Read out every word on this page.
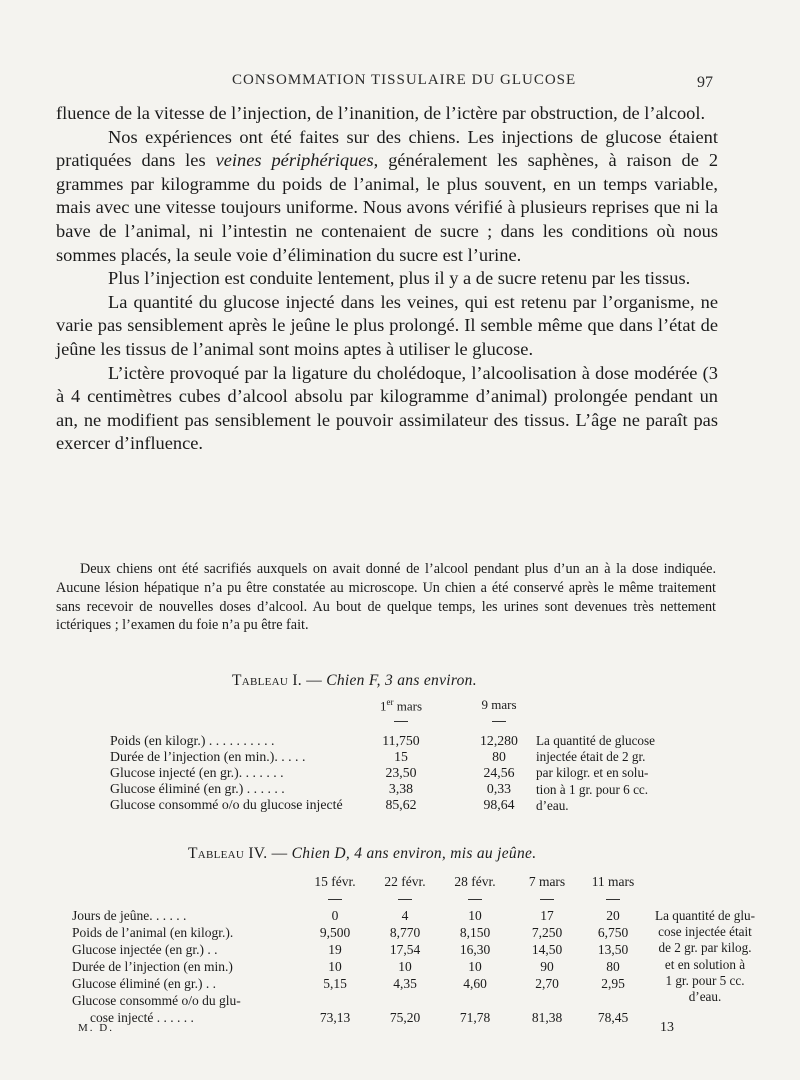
CONSOMMATION TISSULAIRE DU GLUCOSE	97

fluence de la vitesse de l’injection, de l’inanition, de l’ictère par obstruction, de l’alcool.

Nos expériences ont été faites sur des chiens. Les injections de glucose étaient pratiquées dans les veines périphériques, généralement les saphènes, à raison de 2 grammes par kilogramme du poids de l’animal, le plus souvent, en un temps variable, mais avec une vitesse toujours uniforme. Nous avons vérifié à plusieurs reprises que ni la bave de l’animal, ni l’intestin ne contenaient de sucre ; dans les conditions où nous sommes placés, la seule voie d’élimination du sucre est l’urine.

Plus l’injection est conduite lentement, plus il y a de sucre retenu par les tissus.

La quantité du glucose injecté dans les veines, qui est retenu par l’organisme, ne varie pas sensiblement après le jeûne le plus prolongé. Il semble même que dans l’état de jeûne les tissus de l’animal sont moins aptes à utiliser le glucose.

L’ictère provoqué par la ligature du cholédoque, l’alcoolisation à dose modérée (3 à 4 centimètres cubes d’alcool absolu par kilogramme d’animal) prolongée pendant un an, ne modifient pas sensiblement le pouvoir assimilateur des tissus. L’âge ne paraît pas exercer d’influence.

Deux chiens ont été sacrifiés auxquels on avait donné de l’alcool pendant plus d’un an à la dose indiquée. Aucune lésion hépatique n’a pu être constatée au microscope. Un chien a été conservé après le même traitement sans recevoir de nouvelles doses d’alcool. Au bout de quelque temps, les urines sont devenues très nettement ictériques ; l’examen du foie n’a pu être fait.

Tableau I. — Chien F, 3 ans environ.
1er mars	9 mars
Poids (en kilogr.) . . . . . . . . . .	11,750	12,280
Durée de l’injection (en min.). . . . .	15	80
Glucose injecté (en gr.). . . . . . .	23,50	24,56
Glucose éliminé (en gr.) . . . . . .	3,38	0,33
Glucose consommé o/o du glucose injecté	85,62	98,64
La quantité de glucose
injectée était de 2 gr.
par kilogr. et en solu-
tion à 1 gr. pour 6 cc.
d’eau.
Tableau IV. — Chien D, 4 ans environ, mis au jeûne.
15 févr.	22 févr.	28 févr.	7 mars	11 mars
Jours de jeûne. . . . . .	0	4	10	17	20
Poids de l’animal (en kilogr.).	9,500	8,770	8,150	7,250	6,750
Glucose injectée (en gr.) . .	19	17,54	16,30	14,50	13,50
Durée de l’injection (en min.)	10	10	10	90	80
Glucose éliminé (en gr.) . .	5,15	4,35	4,60	2,70	2,95
Glucose consommé o/o du glu-
cose injecté . . . . . .	73,13	75,20	71,78	81,38	78,45
La quantité de glu-
cose injectée était
de 2 gr. par kilog.
et en solution à
1 gr. pour 5 cc.
d’eau.
M. D.	13
